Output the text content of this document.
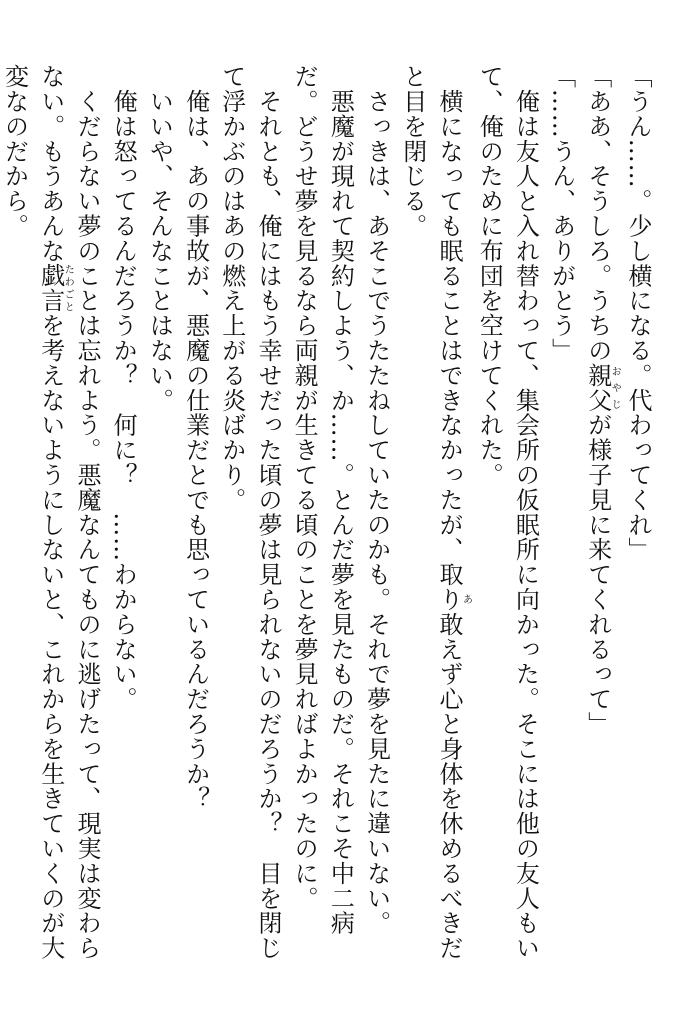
「うん……。少し横になる。代わってくれ」

「ああ、そうしろ。うちの親父おやじが様子見に来てくれるって」

「……うん、ありがとう」

　俺は友人と入れ替わって、集会所の仮眠所に向かった。そこには他の友人もいて、俺のために布団を空けてくれた。

　横になっても眠ることはできなかったが、取り敢あえず心と身体を休めるべきだと目を閉じる。

　さっきは、あそこでうたたねしていたのかも。それで夢を見たに違いない。

　悪魔が現れて契約しよう、か……。とんだ夢を見たものだ。それこそ中二病だ。どうせ夢を見るなら両親が生きてる頃のことを夢見ればよかったのに。

　それとも、俺にはもう幸せだった頃の夢は見られないのだろうか？　目を閉じて浮かぶのはあの燃え上がる炎ばかり。

　俺は、あの事故が、悪魔の仕業だとでも思っているんだろうか？

　いいや、そんなことはない。

　俺は怒ってるんだろうか？　何に？　……わからない。

　くだらない夢のことは忘れよう。悪魔なんてものに逃げたって、現実は変わらない。もうあんな戯言たわごとを考えないようにしないと、これからを生きていくのが大変なのだから。
